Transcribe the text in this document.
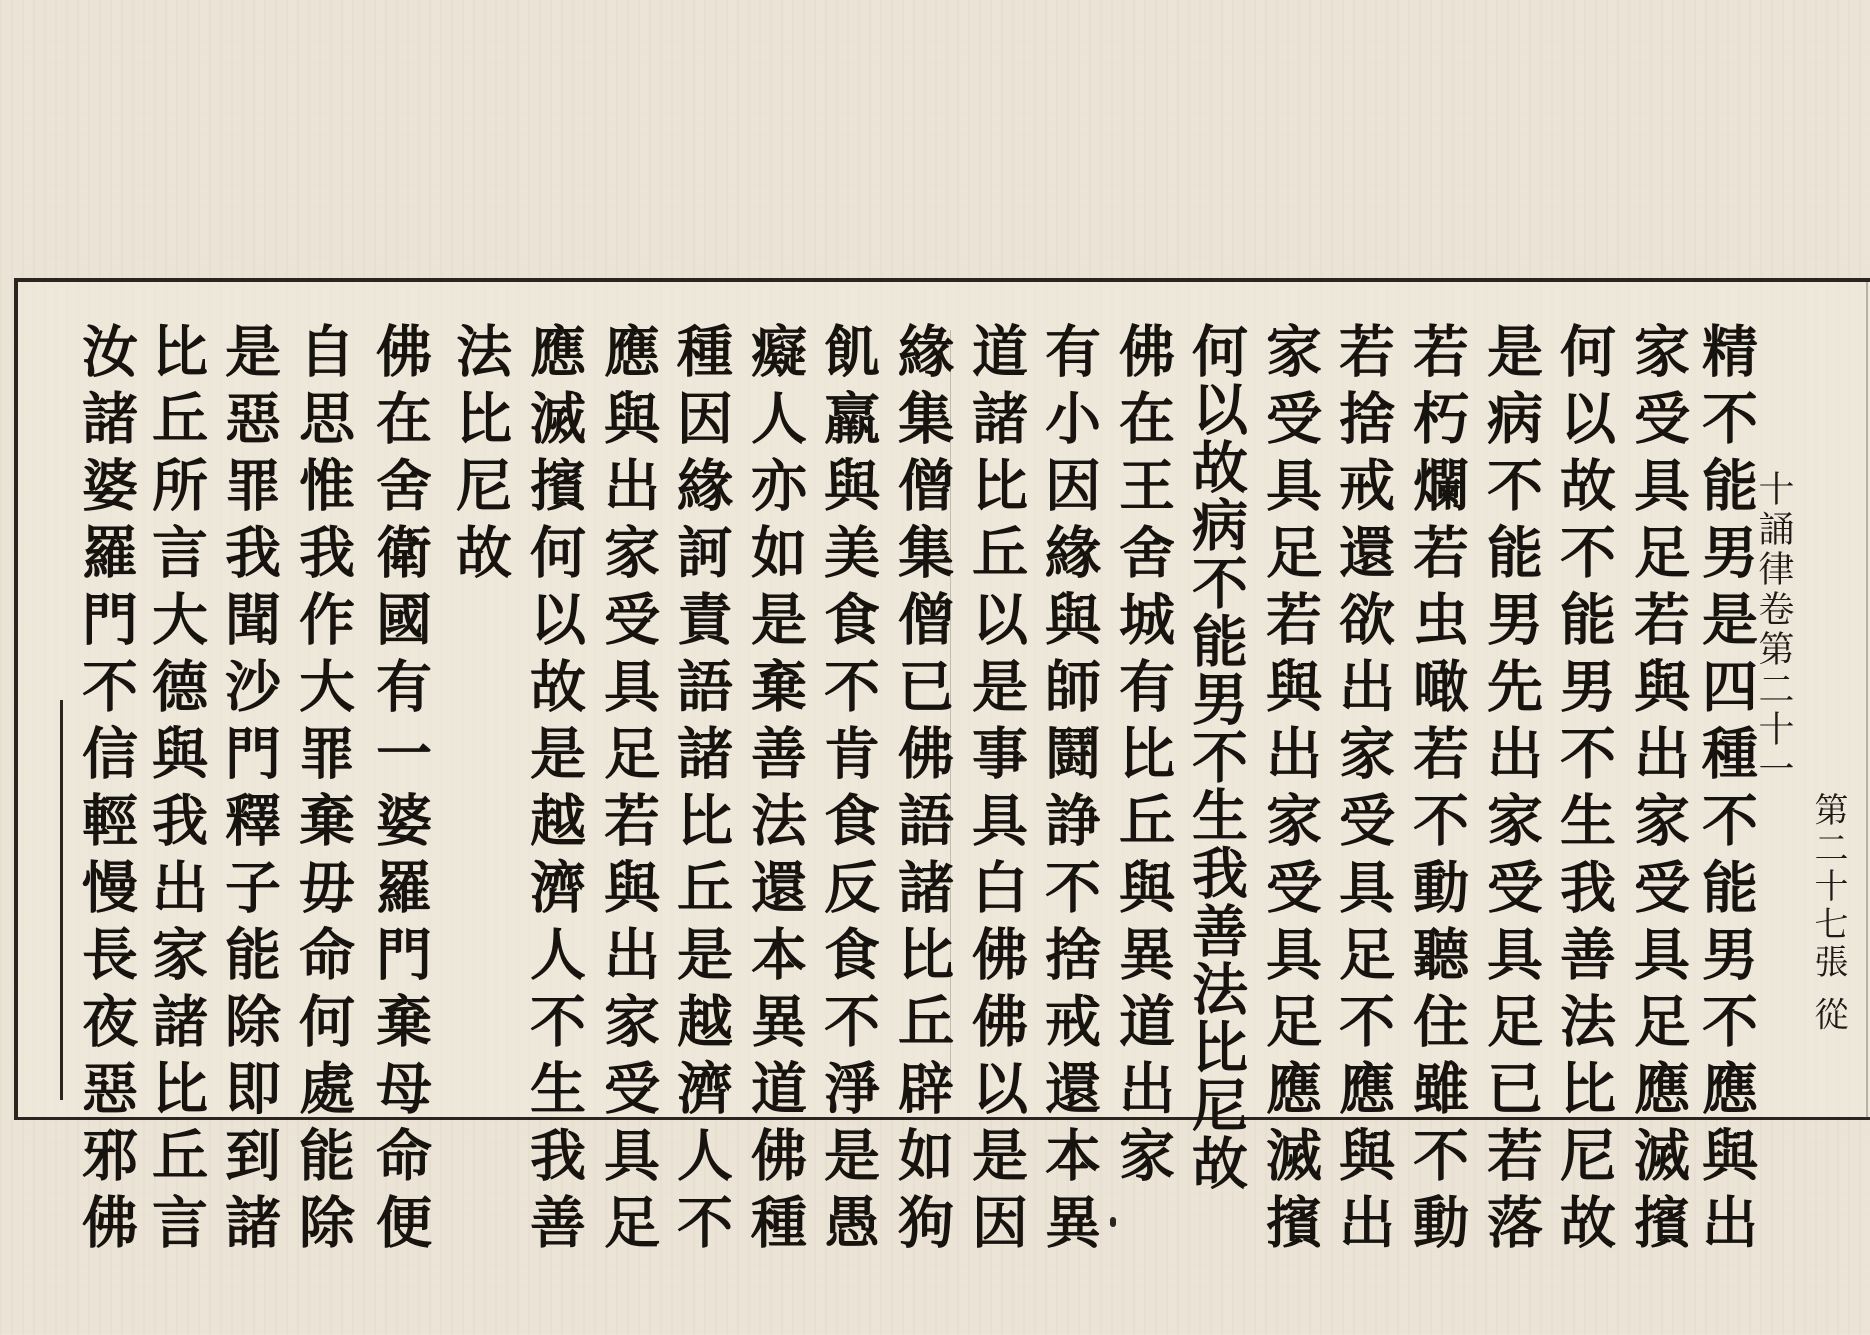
十誦律卷第二十一
第二十七張 從
精不能男是四種不能男不應與出
家受具足若與出家受具足應滅擯
何以故不能男不生我善法比尼故
是病不能男先出家受具足已若落
若朽爛若虫噉若不動聽住雖不動
若捨戒還欲出家受具足不應與出
家受具足若與出家受具足應滅擯
何以故病不能男不生我善法比尼故
佛在王舍城有比丘與異道出家
有小因緣與師鬪諍不捨戒還本異
道諸比丘以是事具白佛佛以是因
緣集僧集僧已佛語諸比丘辟如狗
飢羸與美食不肯食反食不淨是愚
癡人亦如是棄善法還本異道佛種
種因緣訶責語諸比丘是越濟人不
應與出家受具足若與出家受具足
應滅擯何以故是越濟人不生我善
法比尼故
佛在舍衛國有一婆羅門棄母命便
自思惟我作大罪棄毋命何處能除
是惡罪我聞沙門釋子能除即到諸
比丘所言大德與我出家諸比丘言
汝諸婆羅門不信輕慢長夜惡邪佛
